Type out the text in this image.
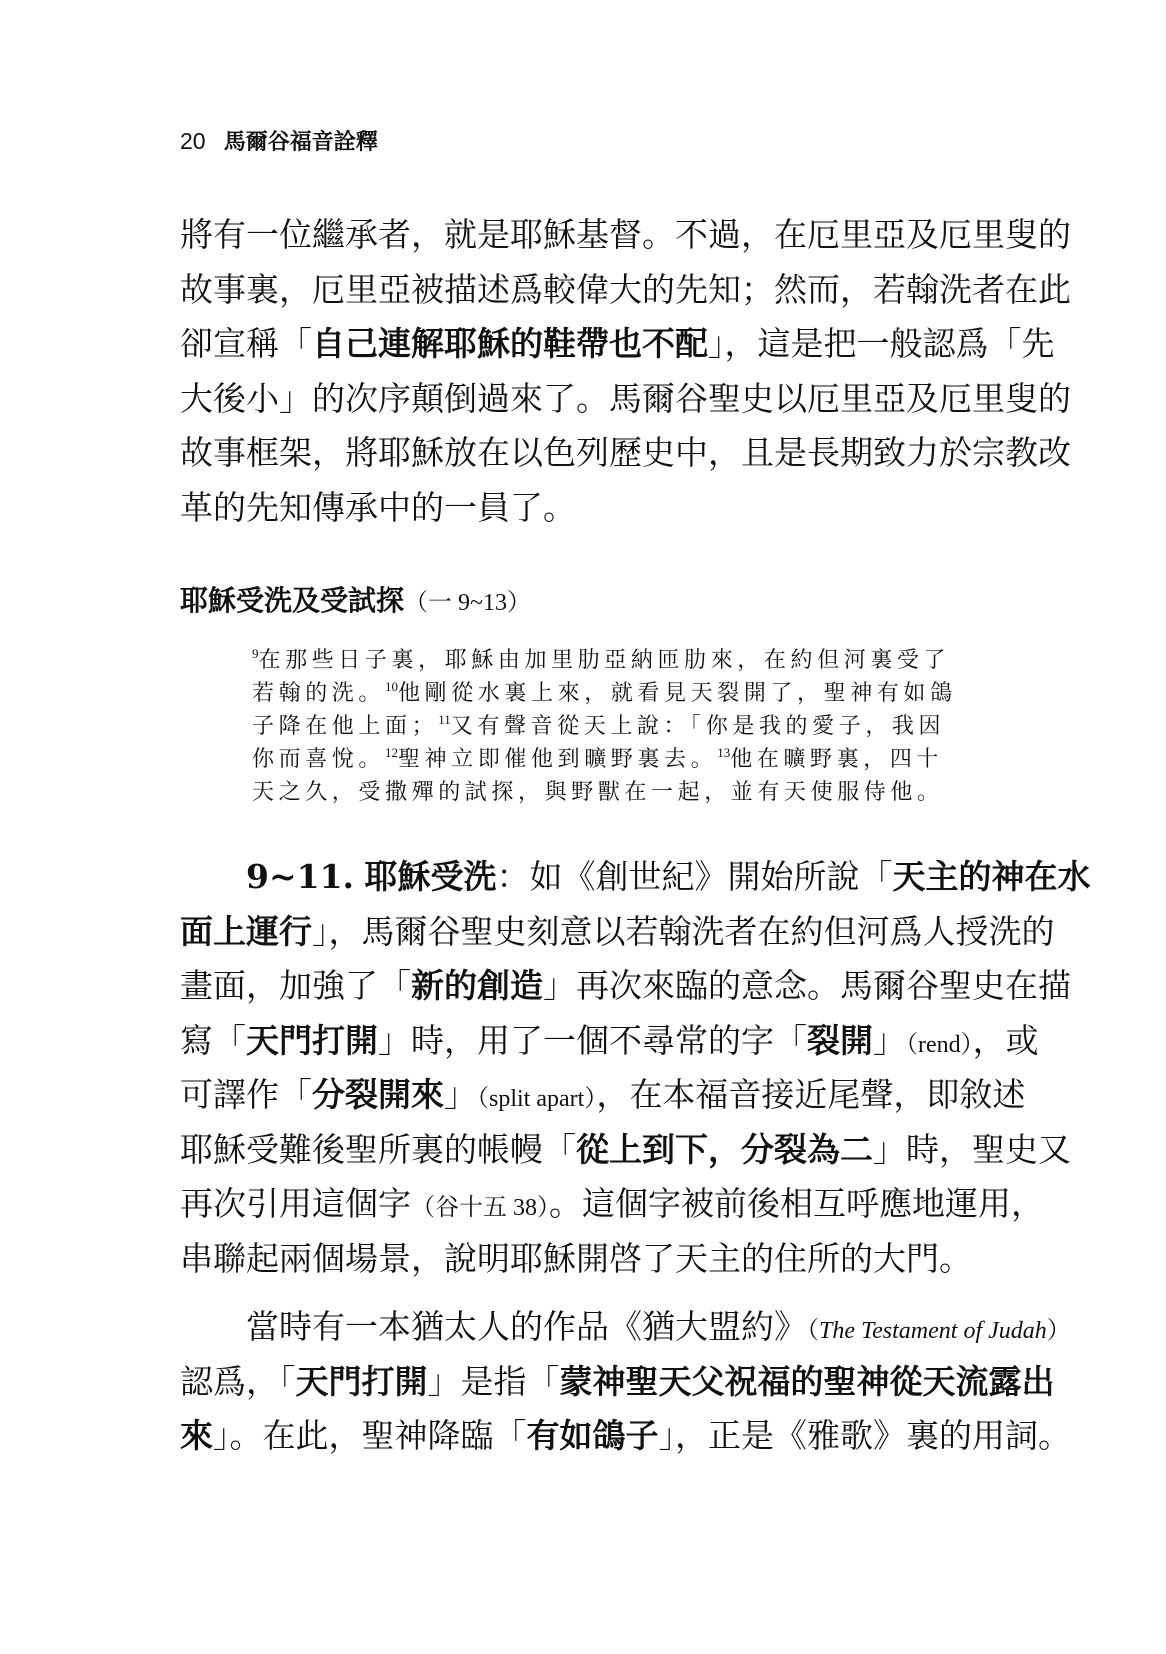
20 馬爾谷福音詮釋
將有一位繼承者，就是耶穌基督。不過，在厄里亞及厄里叟的
故事裏，厄里亞被描述爲較偉大的先知；然而，若翰洗者在此
卻宣稱「自己連解耶穌的鞋帶也不配」，這是把一般認爲「先
大後小」的次序顛倒過來了。馬爾谷聖史以厄里亞及厄里叟的
故事框架，將耶穌放在以色列歷史中，且是長期致力於宗教改
革的先知傳承中的一員了。
耶穌受洗及受試探（一 9~13）
$^9$在那些日子裏，耶穌由加里肋亞納匝肋來，在約但河裏受了
若翰的洗。$^{10}$他剛從水裏上來，就看見天裂開了，聖神有如鴿
子降在他上面；$^{11}$又有聲音從天上說：「你是我的愛子，我因
你而喜悅。$^{12}$聖神立即催他到曠野裏去。$^{13}$他在曠野裏，四十
天之久，受撒殫的試探，與野獸在一起，並有天使服侍他。
9~11. 耶穌受洗：如《創世紀》開始所說「天主的神在水
面上運行」，馬爾谷聖史刻意以若翰洗者在約但河爲人授洗的
畫面，加強了「新的創造」再次來臨的意念。馬爾谷聖史在描
寫「天門打開」時，用了一個不尋常的字「裂開」（rend），或
可譯作「分裂開來」（split apart），在本福音接近尾聲，即敘述
耶穌受難後聖所裏的帳幔「從上到下，分裂為二」時，聖史又
再次引用這個字（谷十五 38）。這個字被前後相互呼應地運用，
串聯起兩個場景，說明耶穌開啓了天主的住所的大門。
當時有一本猶太人的作品《猶大盟約》（The Testament of Judah）
認爲，「天門打開」是指「蒙神聖天父祝福的聖神從天流露出
來」。在此，聖神降臨「有如鴿子」，正是《雅歌》裏的用詞。
